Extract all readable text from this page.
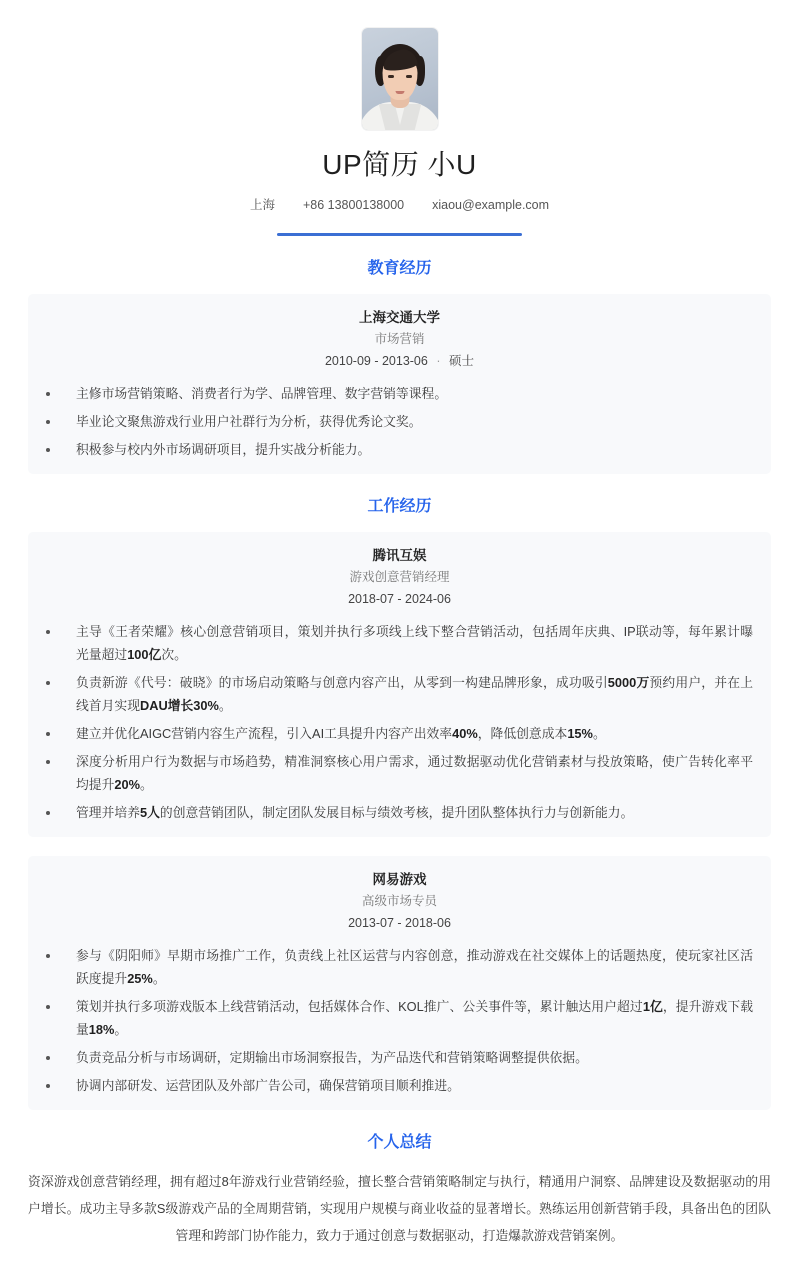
UP简历 小U
上海 +86 13800138000 xiaou@example.com
教育经历
上海交通大学
市场营销
2010-09 - 2013-06 · 硕士
主修市场营销策略、消费者行为学、品牌管理、数字营销等课程。
毕业论文聚焦游戏行业用户社群行为分析，获得优秀论文奖。
积极参与校内外市场调研项目，提升实战分析能力。
工作经历
腾讯互娱
游戏创意营销经理
2018-07 - 2024-06
主导《王者荣耀》核心创意营销项目，策划并执行多项线上线下整合营销活动，包括周年庆典、IP联动等，每年累计曝光量超过100亿次。
负责新游《代号：破晓》的市场启动策略与创意内容产出，从零到一构建品牌形象，成功吸引5000万预约用户，并在上线首月实现DAU增长30%。
建立并优化AIGC营销内容生产流程，引入AI工具提升内容产出效率40%，降低创意成本15%。
深度分析用户行为数据与市场趋势，精准洞察核心用户需求，通过数据驱动优化营销素材与投放策略，使广告转化率平均提升20%。
管理并培养5人的创意营销团队，制定团队发展目标与绩效考核，提升团队整体执行力与创新能力。
网易游戏
高级市场专员
2013-07 - 2018-06
参与《阴阳师》早期市场推广工作，负责线上社区运营与内容创意，推动游戏在社交媒体上的话题热度，使玩家社区活跃度提升25%。
策划并执行多项游戏版本上线营销活动，包括媒体合作、KOL推广、公关事件等，累计触达用户超过1亿，提升游戏下载量18%。
负责竞品分析与市场调研，定期输出市场洞察报告，为产品迭代和营销策略调整提供依据。
协调内部研发、运营团队及外部广告公司，确保营销项目顺利推进。
个人总结

资深游戏创意营销经理，拥有超过8年游戏行业营销经验，擅长整合营销策略制定与执行，精通用户洞察、品牌建设及数据驱动的用户增长。成功主导多款S级游戏产品的全周期营销，实现用户规模与商业收益的显著增长。熟练运用创新营销手段，具备出色的团队管理和跨部门协作能力，致力于通过创意与数据驱动，打造爆款游戏营销案例。
